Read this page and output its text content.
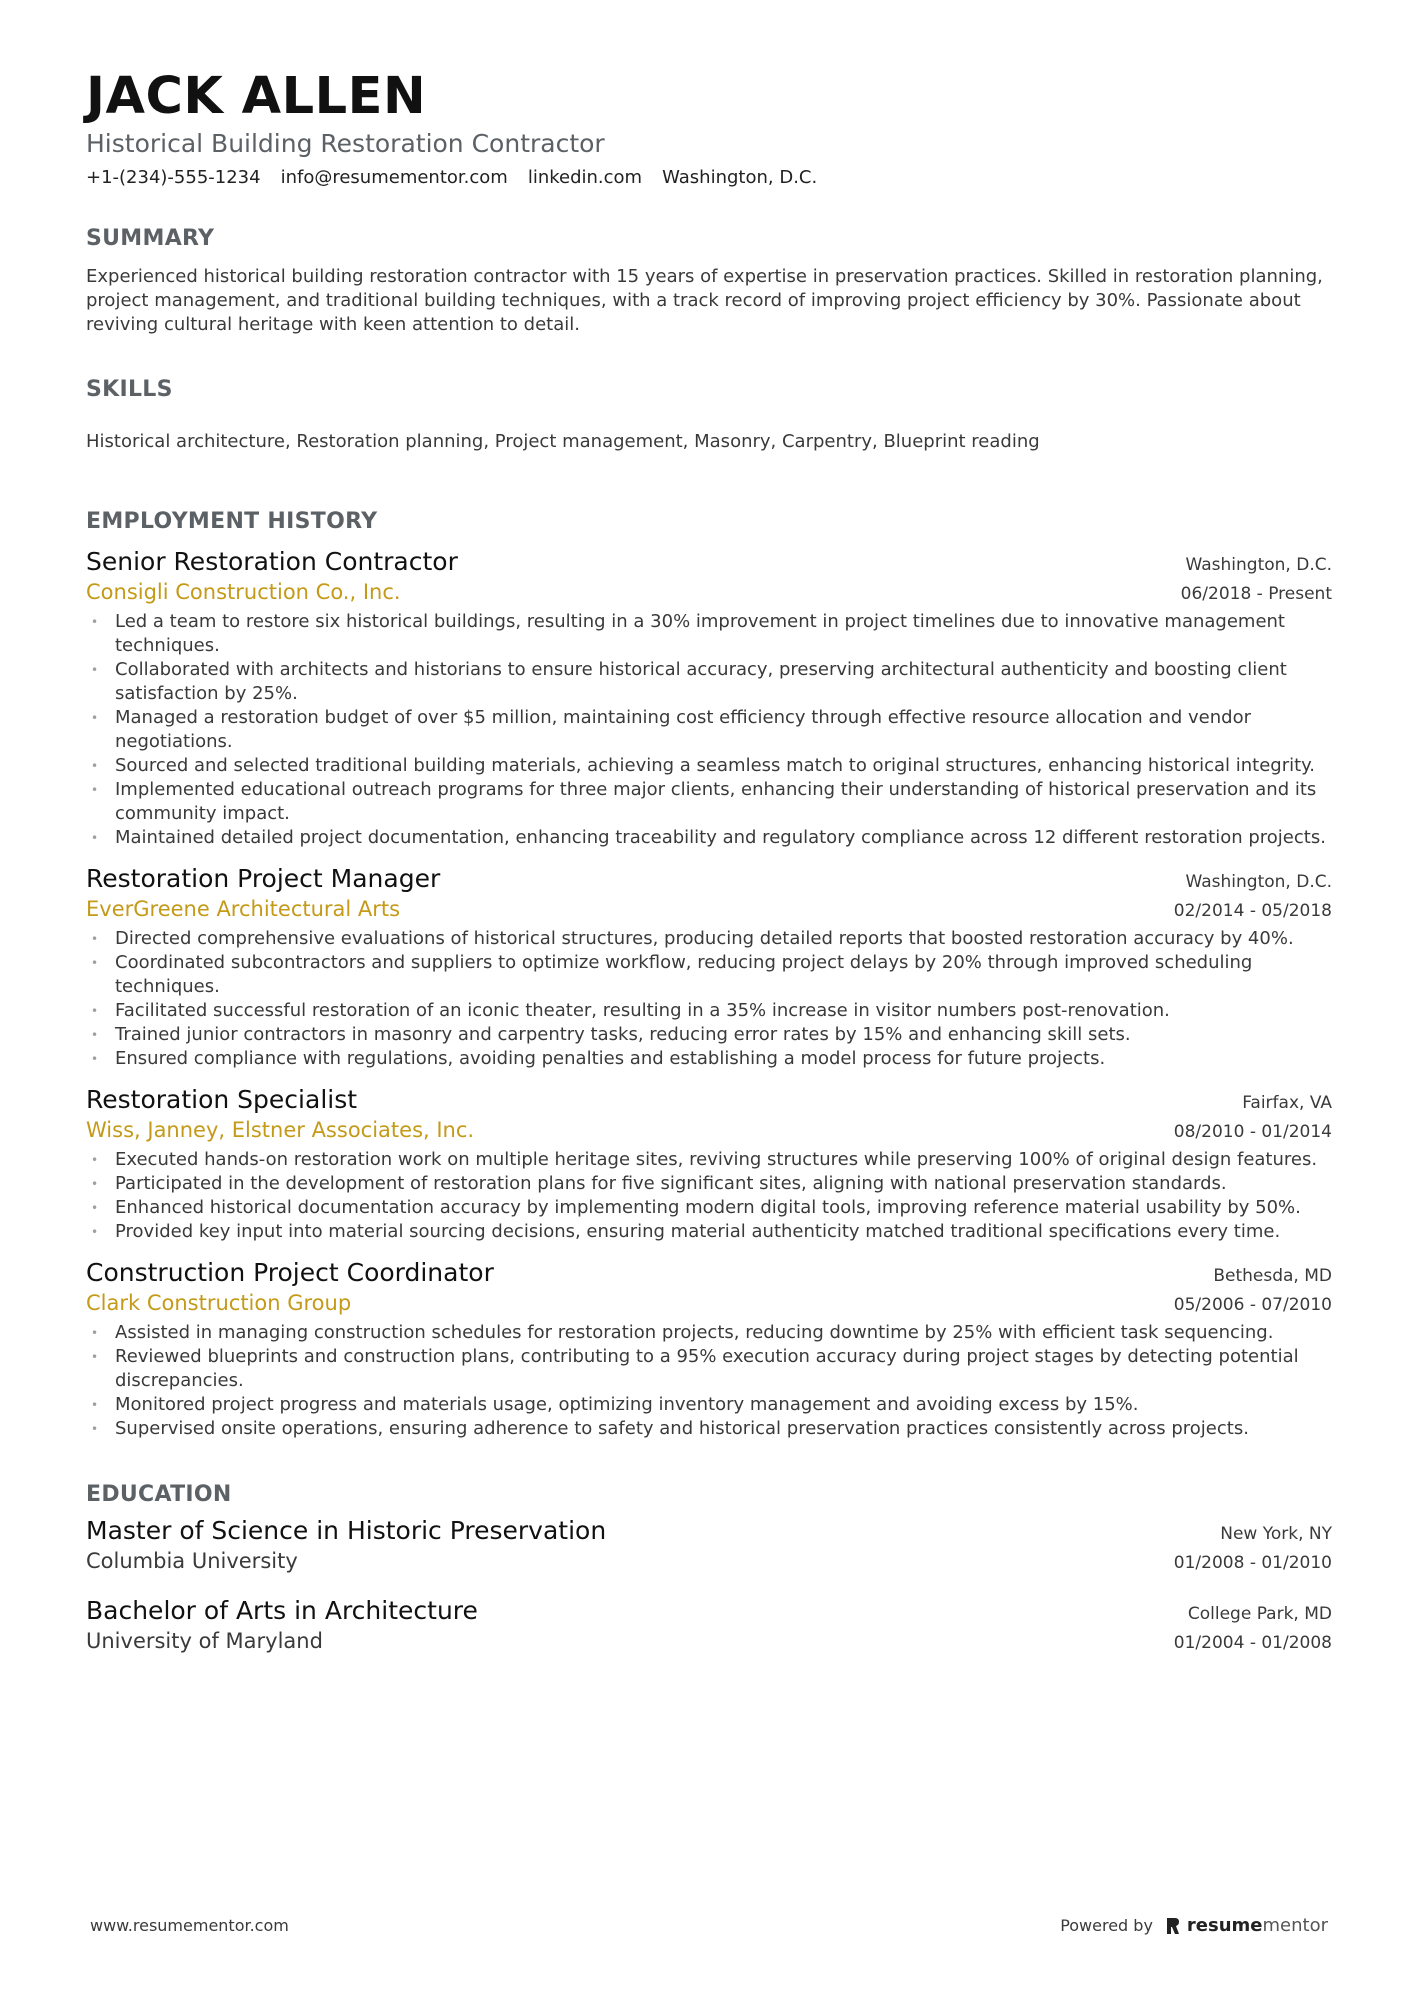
JACK ALLEN
Historical Building Restoration Contractor
+1-(234)-555-1234 info@resumementor.com linkedin.com Washington, D.C.
SUMMARY
Experienced historical building restoration contractor with 15 years of expertise in preservation practices. Skilled in restoration planning, project management, and traditional building techniques, with a track record of improving project efficiency by 30%. Passionate about reviving cultural heritage with keen attention to detail.
SKILLS
Historical architecture, Restoration planning, Project management, Masonry, Carpentry, Blueprint reading
EMPLOYMENT HISTORY
Senior Restoration Contractor	Washington, D.C.
Consigli Construction Co., Inc.	06/2018 - Present
• Led a team to restore six historical buildings, resulting in a 30% improvement in project timelines due to innovative management techniques.
• Collaborated with architects and historians to ensure historical accuracy, preserving architectural authenticity and boosting client satisfaction by 25%.
• Managed a restoration budget of over $5 million, maintaining cost efficiency through effective resource allocation and vendor negotiations.
• Sourced and selected traditional building materials, achieving a seamless match to original structures, enhancing historical integrity.
• Implemented educational outreach programs for three major clients, enhancing their understanding of historical preservation and its community impact.
• Maintained detailed project documentation, enhancing traceability and regulatory compliance across 12 different restoration projects.
Restoration Project Manager	Washington, D.C.
EverGreene Architectural Arts	02/2014 - 05/2018
• Directed comprehensive evaluations of historical structures, producing detailed reports that boosted restoration accuracy by 40%.
• Coordinated subcontractors and suppliers to optimize workflow, reducing project delays by 20% through improved scheduling techniques.
• Facilitated successful restoration of an iconic theater, resulting in a 35% increase in visitor numbers post-renovation.
• Trained junior contractors in masonry and carpentry tasks, reducing error rates by 15% and enhancing skill sets.
• Ensured compliance with regulations, avoiding penalties and establishing a model process for future projects.
Restoration Specialist	Fairfax, VA
Wiss, Janney, Elstner Associates, Inc.	08/2010 - 01/2014
• Executed hands-on restoration work on multiple heritage sites, reviving structures while preserving 100% of original design features.
• Participated in the development of restoration plans for five significant sites, aligning with national preservation standards.
• Enhanced historical documentation accuracy by implementing modern digital tools, improving reference material usability by 50%.
• Provided key input into material sourcing decisions, ensuring material authenticity matched traditional specifications every time.
Construction Project Coordinator	Bethesda, MD
Clark Construction Group	05/2006 - 07/2010
• Assisted in managing construction schedules for restoration projects, reducing downtime by 25% with efficient task sequencing.
• Reviewed blueprints and construction plans, contributing to a 95% execution accuracy during project stages by detecting potential discrepancies.
• Monitored project progress and materials usage, optimizing inventory management and avoiding excess by 15%.
• Supervised onsite operations, ensuring adherence to safety and historical preservation practices consistently across projects.
EDUCATION
Master of Science in Historic Preservation	New York, NY
Columbia University	01/2008 - 01/2010
Bachelor of Arts in Architecture	College Park, MD
University of Maryland	01/2004 - 01/2008
www.resumementor.com	Powered by resumementor
